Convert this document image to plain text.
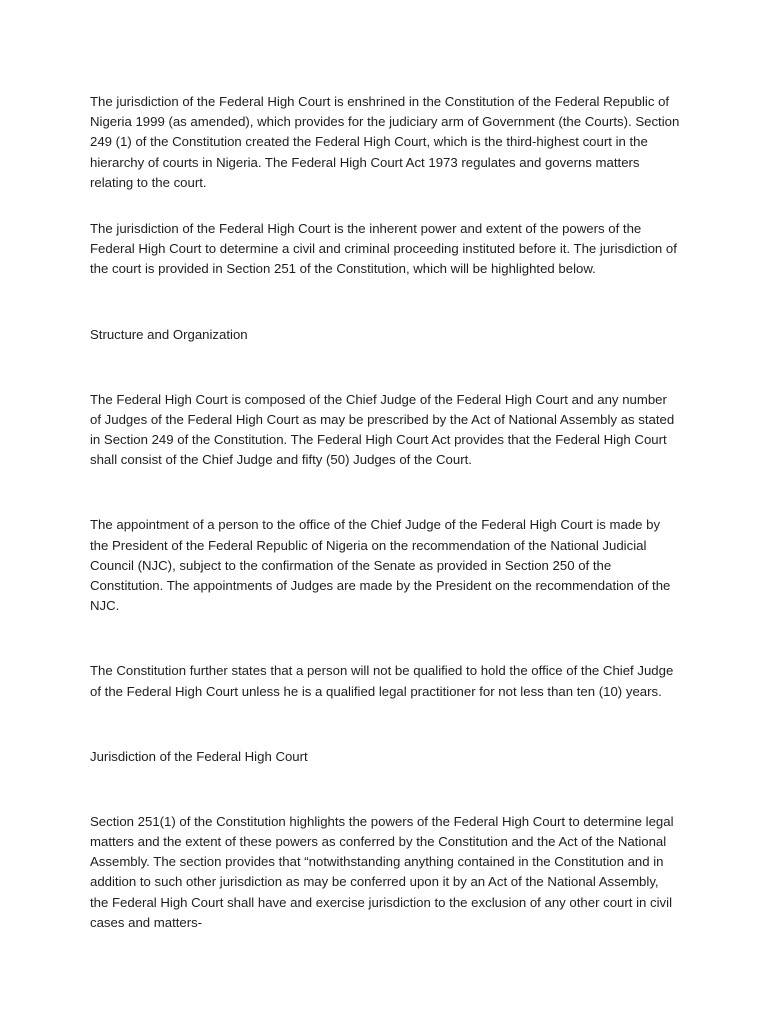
The jurisdiction of the Federal High Court is enshrined in the Constitution of the Federal Republic of Nigeria 1999 (as amended), which provides for the judiciary arm of Government (the Courts). Section 249 (1) of the Constitution created the Federal High Court, which is the third-highest court in the hierarchy of courts in Nigeria. The Federal High Court Act 1973 regulates and governs matters relating to the court.

The jurisdiction of the Federal High Court is the inherent power and extent of the powers of the Federal High Court to determine a civil and criminal proceeding instituted before it. The jurisdiction of the court is provided in Section 251 of the Constitution, which will be highlighted below.

Structure and Organization

The Federal High Court is composed of the Chief Judge of the Federal High Court and any number of Judges of the Federal High Court as may be prescribed by the Act of National Assembly as stated in Section 249 of the Constitution. The Federal High Court Act provides that the Federal High Court shall consist of the Chief Judge and fifty (50) Judges of the Court.

The appointment of a person to the office of the Chief Judge of the Federal High Court is made by the President of the Federal Republic of Nigeria on the recommendation of the National Judicial Council (NJC), subject to the confirmation of the Senate as provided in Section 250 of the Constitution. The appointments of Judges are made by the President on the recommendation of the NJC.

The Constitution further states that a person will not be qualified to hold the office of the Chief Judge of the Federal High Court unless he is a qualified legal practitioner for not less than ten (10) years.

Jurisdiction of the Federal High Court

Section 251(1) of the Constitution highlights the powers of the Federal High Court to determine legal matters and the extent of these powers as conferred by the Constitution and the Act of the National Assembly. The section provides that “notwithstanding anything contained in the Constitution and in addition to such other jurisdiction as may be conferred upon it by an Act of the National Assembly, the Federal High Court shall have and exercise jurisdiction to the exclusion of any other court in civil cases and matters-
